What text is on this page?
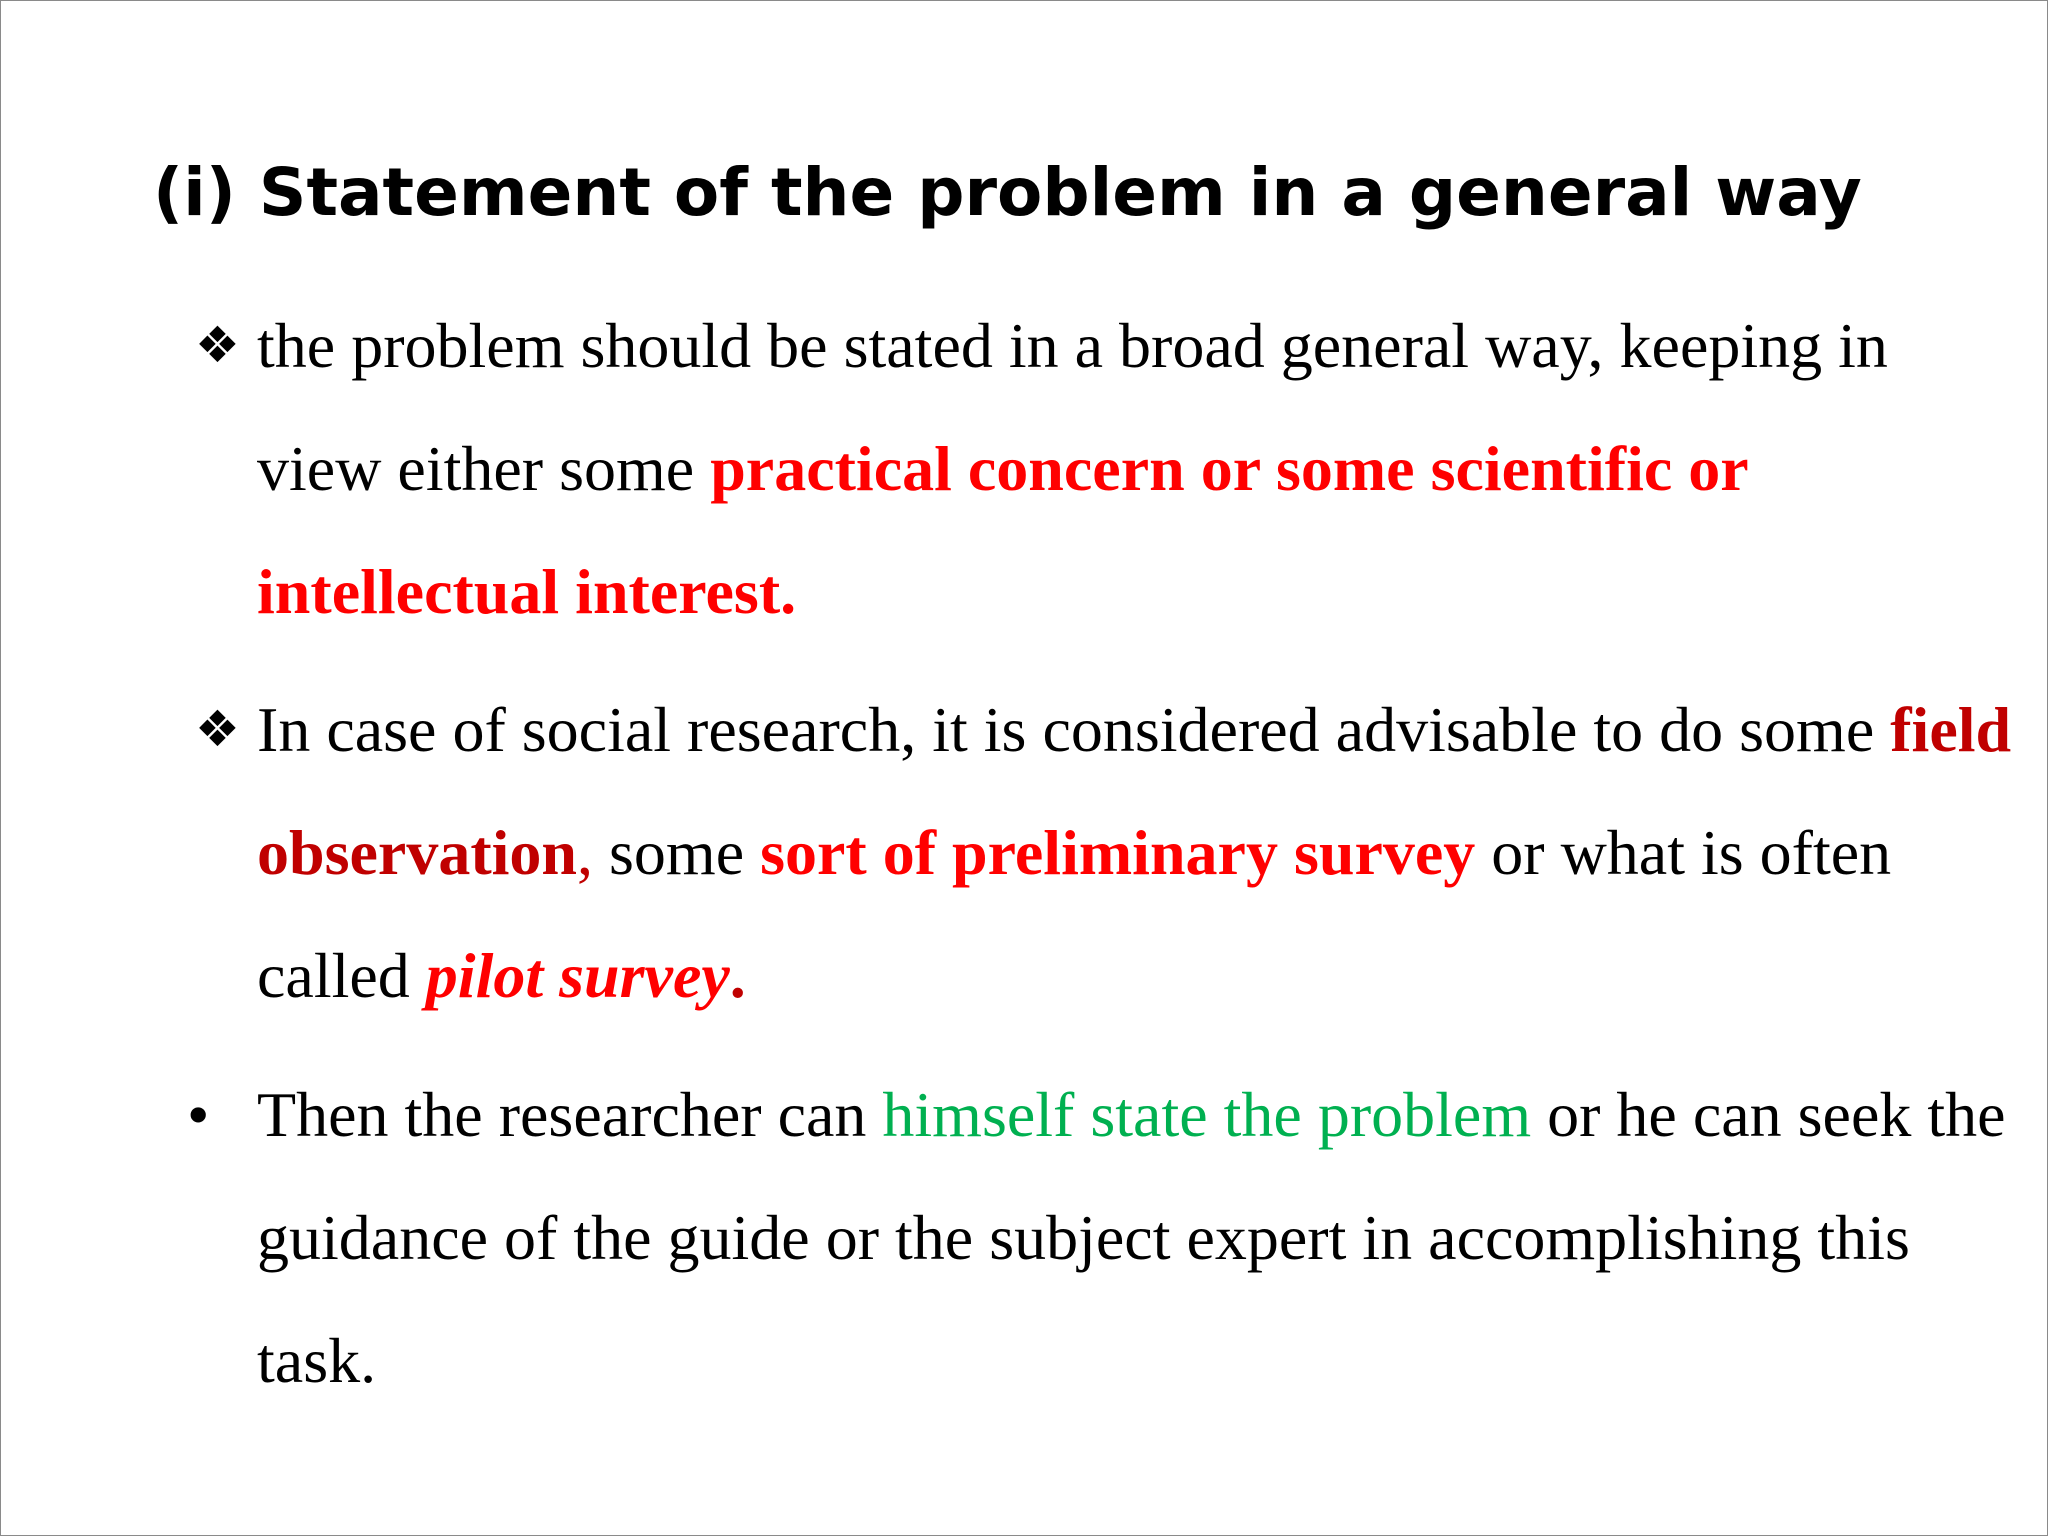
(i) Statement of the problem in a general way
❖ the problem should be stated in a broad general way, keeping in view either some practical concern or some scientific or intellectual interest.
❖ In case of social research, it is considered advisable to do some field observation, some sort of preliminary survey or what is often called pilot survey.
• Then the researcher can himself state the problem or he can seek the guidance of the guide or the subject expert in accomplishing this task.
